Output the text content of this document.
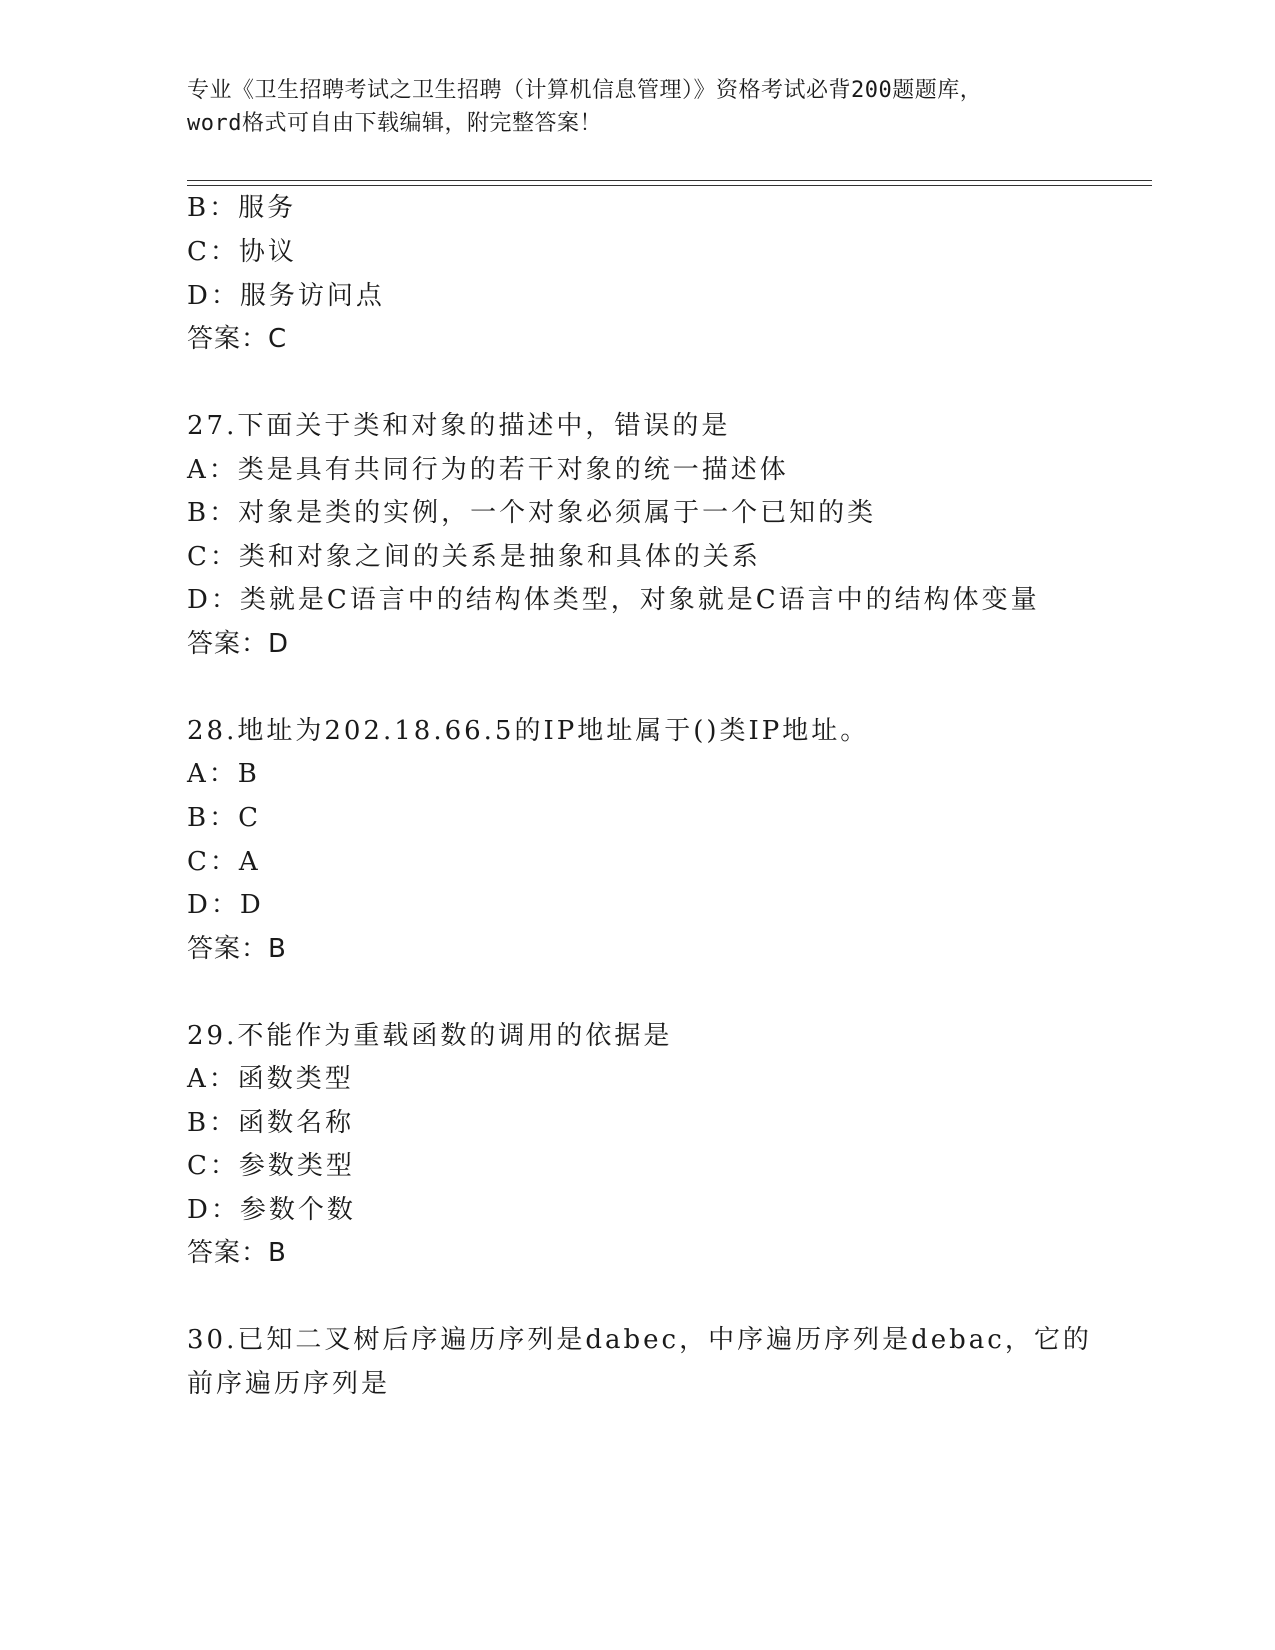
专业《卫生招聘考试之卫生招聘（计算机信息管理）》资格考试必背200题题库，
word格式可自由下载编辑，附完整答案！
B：服务
C：协议
D：服务访问点
答案：C
27.下面关于类和对象的描述中，错误的是
A：类是具有共同行为的若干对象的统一描述体
B：对象是类的实例，一个对象必须属于一个已知的类
C：类和对象之间的关系是抽象和具体的关系
D：类就是C语言中的结构体类型，对象就是C语言中的结构体变量
答案：D
28.地址为202.18.66.5的IP地址属于()类IP地址。
A：B
B：C
C：A
D：D
答案：B
29.不能作为重载函数的调用的依据是
A：函数类型
B：函数名称
C：参数类型
D：参数个数
答案：B
30.已知二叉树后序遍历序列是dabec，中序遍历序列是debac，它的
前序遍历序列是
